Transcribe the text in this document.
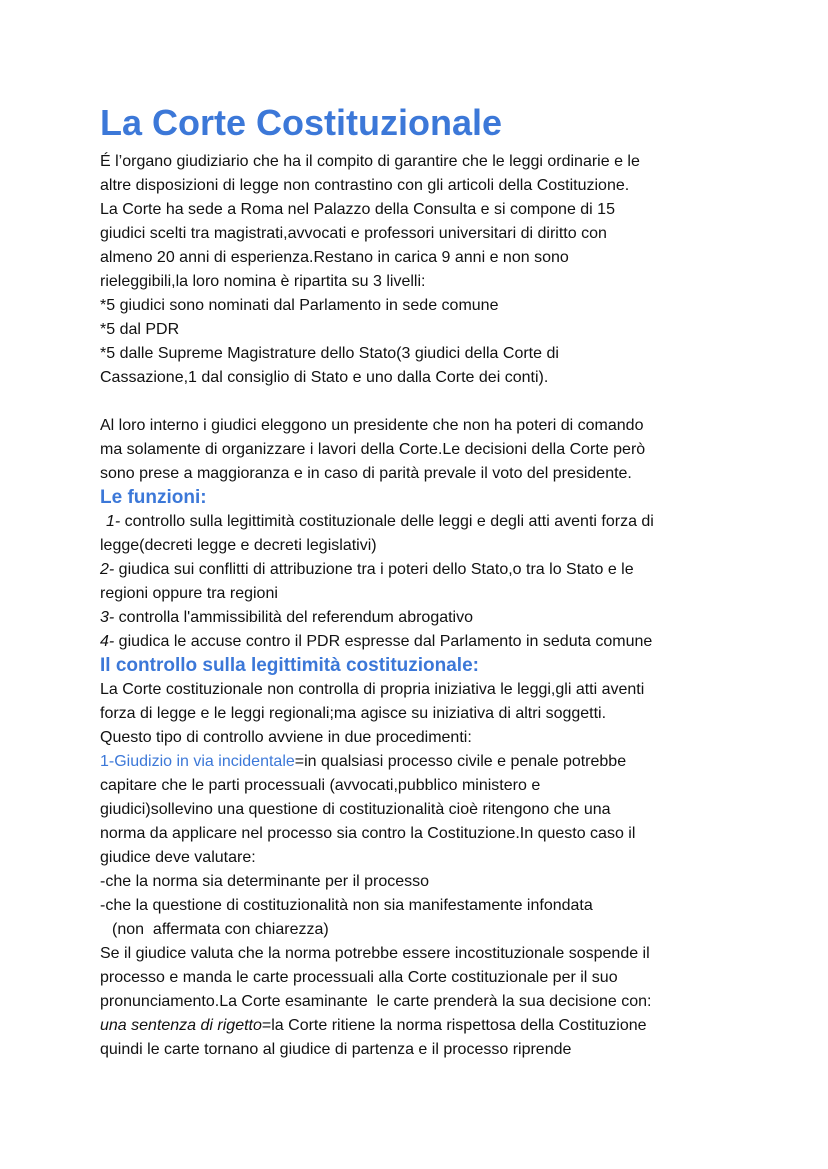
La Corte Costituzionale
É l’organo giudiziario che ha il compito di garantire che le leggi ordinarie e le
altre disposizioni di legge non contrastino con gli articoli della Costituzione.
La Corte ha sede a Roma nel Palazzo della Consulta e si compone di 15
giudici scelti tra magistrati,avvocati e professori universitari di diritto con
almeno 20 anni di esperienza.Restano in carica 9 anni e non sono
rieleggibili,la loro nomina è ripartita su 3 livelli:
*5 giudici sono nominati dal Parlamento in sede comune
*5 dal PDR
*5 dalle Supreme Magistrature dello Stato(3 giudici della Corte di
Cassazione,1 dal consiglio di Stato e uno dalla Corte dei conti).
Al loro interno i giudici eleggono un presidente che non ha poteri di comando
ma solamente di organizzare i lavori della Corte.Le decisioni della Corte però
sono prese a maggioranza e in caso di parità prevale il voto del presidente.
Le funzioni:
1- controllo sulla legittimità costituzionale delle leggi e degli atti aventi forza di
legge(decreti legge e decreti legislativi)
2- giudica sui conflitti di attribuzione tra i poteri dello Stato,o tra lo Stato e le
regioni oppure tra regioni
3- controlla l'ammissibilità del referendum abrogativo
4- giudica le accuse contro il PDR espresse dal Parlamento in seduta comune
Il controllo sulla legittimità costituzionale:
La Corte costituzionale non controlla di propria iniziativa le leggi,gli atti aventi
forza di legge e le leggi regionali;ma agisce su iniziativa di altri soggetti.
Questo tipo di controllo avviene in due procedimenti:
1-Giudizio in via incidentale=in qualsiasi processo civile e penale potrebbe
capitare che le parti processuali (avvocati,pubblico ministero e
giudici)sollevino una questione di costituzionalità cioè ritengono che una
norma da applicare nel processo sia contro la Costituzione.In questo caso il
giudice deve valutare:
-che la norma sia determinante per il processo
-che la questione di costituzionalità non sia manifestamente infondata
(non  affermata con chiarezza)
Se il giudice valuta che la norma potrebbe essere incostituzionale sospende il
processo e manda le carte processuali alla Corte costituzionale per il suo
pronunciamento.La Corte esaminante  le carte prenderà la sua decisione con:
una sentenza di rigetto=la Corte ritiene la norma rispettosa della Costituzione
quindi le carte tornano al giudice di partenza e il processo riprende
